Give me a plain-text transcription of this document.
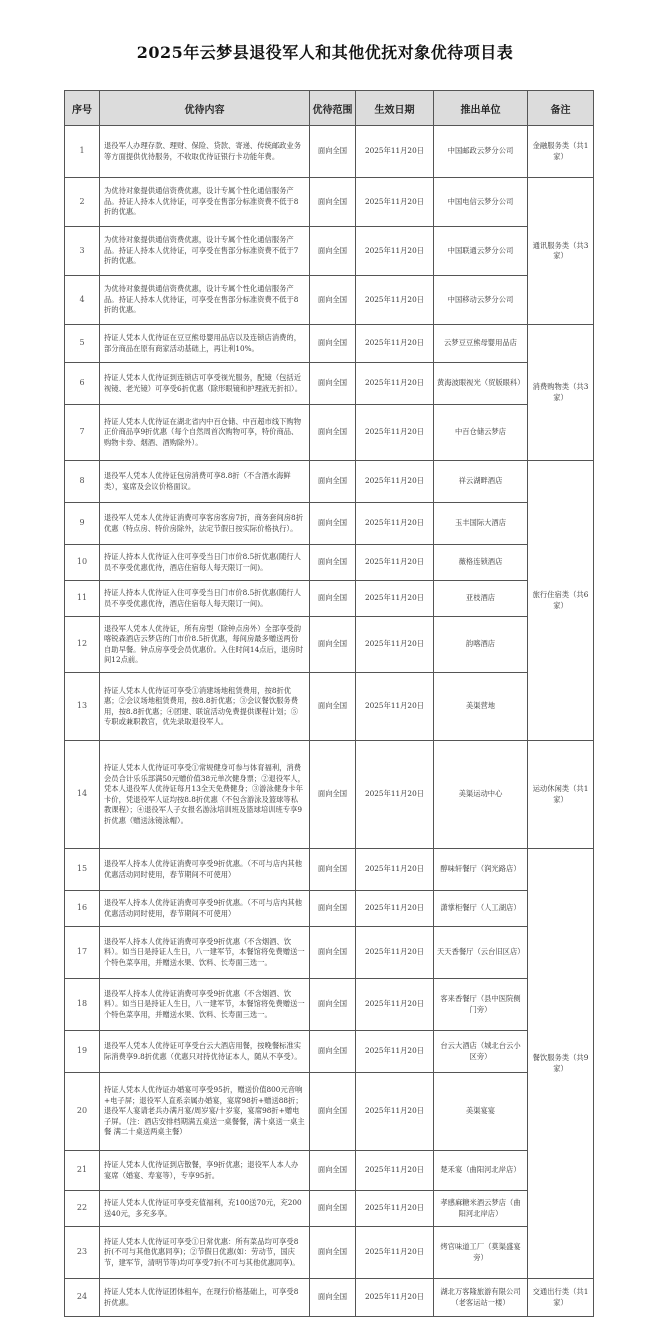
2025年云梦县退役军人和其他优抚对象优待项目表
序号	优待内容	优待范围	生效日期	推出单位	备注
1	退役军人办理存款、理财、保险、贷款、寄递、传统邮政业务等方面提供优待服务，不收取优待证银行卡功能年费。	面向全国	2025年11月20日	中国邮政云梦分公司	金融服务类（共1家）
2	为优待对象提供通信资费优惠，设计专属个性化通信服务产品。持证人持本人优待证，可享受在售部分标准资费不低于8折的优惠。	面向全国	2025年11月20日	中国电信云梦分公司	通讯服务类（共3家）
3	为优待对象提供通信资费优惠，设计专属个性化通信服务产品。持证人持本人优待证，可享受在售部分标准资费不低于7折的优惠。	面向全国	2025年11月20日	中国联通云梦分公司	
4	为优待对象提供通信资费优惠，设计专属个性化通信服务产品。持证人持本人优待证，可享受在售部分标准资费不低于8折的优惠。	面向全国	2025年11月20日	中国移动云梦分公司	
5	持证人凭本人优待证在豆豆熊母婴用品店以及连锁店消费的，部分商品在原有商家活动基础上，再让利10%。	面向全国	2025年11月20日	云梦豆豆熊母婴用品店	消费购物类（共3家）
6	持证人凭本人优待证到连锁店可享受视光服务，配镜（包括近视镜、老光镜）可享受6折优惠（除形眼镜和护理液无折扣）。	面向全国	2025年11月20日	黄海波眼视光（贸版眼科）	
7	持证人凭本人优待证在湖北省内中百仓储、中百超市线下购物正价商品享9折优惠（每个自然周首次购物可享，特价商品、购物卡券、烟酒、酒购除外）。	面向全国	2025年11月20日	中百仓储云梦店	
8	退役军人凭本人优待证包房消费可享8.8折（不含酒水海鲜类），宴席及会议价格面议。	面向全国	2025年11月20日	祥云湖畔酒店	旅行住宿类（共6家）
9	退役军人凭本人优待证消费可享客房客房7折，商务套间房8折优惠（特点房、特价房除外，法定节假日按实际价格执行）。	面向全国	2025年11月20日	玉丰国际大酒店	
10	持证人持本人优待证入住可享受当日门市价8.5折优惠(随行人员不享受优惠优待，酒店住宿每人每天限订一间)。	面向全国	2025年11月20日	薇格连锁酒店	
11	持证人持本人优待证入住可享受当日门市价8.5折优惠(随行人员不享受优惠优待，酒店住宿每人每天限订一间)。	面向全国	2025年11月20日	亚枝酒店	
12	退役军人凭本人优待证，所有房型（除钟点房外）全部享受韵喀锐森酒店云梦店的门市价8.5折优惠，每间房最多赠送两份自助早餐。钟点房享受会员优惠价。入住时间14点后，退房时间12点前。	面向全国	2025年11月20日	韵喀酒店	
13	持证人凭本人优待证可享受①消建场地租赁费用，按8折优惠；②会议场地租赁费用，按8.8折优惠；③会议餐饮服务费用，按8.8折优惠；④团建、联谊活动免费提供课程计划；⑤专职或兼职教官，优先录取退役军人。	面向全国	2025年11月20日	美渠营地	
14	持证人凭本人优待证可享受①常规健身可参与体育福利，消费会员合计乐乐部满50元赠价值38元单次健身票；②退役军人，凭本人退役军人优待证每月13全天免费健身；③游泳健身卡年卡价，凭退役军人证均按8.8折优惠（不包含游泳及篮球等私教课程）；④退役军人子女报名游泳培训班及篮球培训班专享9折优惠（赠送泳镜泳帽）。	面向全国	2025年11月20日	美渠运动中心	运动休闲类（共1家）
15	退役军人持本人优待证消费可享受9折优惠。（不可与店内其他优惠活动同时使用，春节期间不可使用）	面向全国	2025年11月20日	醇味轩餐厅（润光路店）	餐饮服务类（共9家）
16	退役军人持本人优待证消费可享受9折优惠。（不可与店内其他优惠活动同时使用，春节期间不可使用）	面向全国	2025年11月20日	潇掌柜餐厅（人工湖店）	
17	退役军人持本人优待证消费可享受9折优惠（不含烟酒、饮料）。如当日是持证人生日，八一建军节，本餐馆将免费赠送一个特色菜享用，并赠送水果、饮料、长寿面三选一。	面向全国	2025年11月20日	天天香餐厅（云台旧区店）	
18	退役军人持本人优待证消费可享受9折优惠（不含烟酒、饮料）。如当日是持证人生日，八一建军节，本餐馆将免费赠送一个特色菜享用，并赠送水果、饮料、长寿面三选一。	面向全国	2025年11月20日	客来香餐厅（县中医院侧门旁）	
19	退役军人凭本人优待证可享受台云大酒店用餐，按晚餐标准实际消费享9.8折优惠（优惠只对持优待证本人，随从不享受）。	面向全国	2025年11月20日	台云大酒店（城北台云小区旁）	
20	持证人凭本人优待证办婚宴可享受95折，赠送价值800元音响+电子屏；退役军人直系亲属办婚宴，宴席98折+赠送88折；退役军人宴请老兵办满月宴/周岁宴/十岁宴，宴席98折+赠电子屏。（注：酒店安排档期满五桌送一桌餐餐，满十桌送一桌主餐 满二十桌送两桌主餐）	面向全国	2025年11月20日	美渠宴宴	
21	持证人凭本人优待证到店散餐，享9折优惠；退役军人本人办宴席（婚宴、寿宴等），专享95折。	面向全国	2025年11月20日	楚禾宴（曲阳河北岸店）	
22	持证人凭本人优待证可享受充值福利，充100送70元，充200送40元，多充多享。	面向全国	2025年11月20日	孝感麻糖米酒云梦店（曲阳河北岸店）	
23	持证人凭本人优待证可享受①日常优惠：所有菜品均可享受8折(不可与其他优惠同享)；②节假日优惠(如：劳动节，国庆节，建军节，清明节等)均可享受7折(不可与其他优惠同享)。	面向全国	2025年11月20日	烤官味道工厂（莫渠盛宴旁）	
24	持证人凭本人优待证团体租车，在现行价格基础上，可享受8折优惠。	面向全国	2025年11月20日	湖北万客隆旅游有限公司（老客运站一楼）	交通出行类（共1家）
